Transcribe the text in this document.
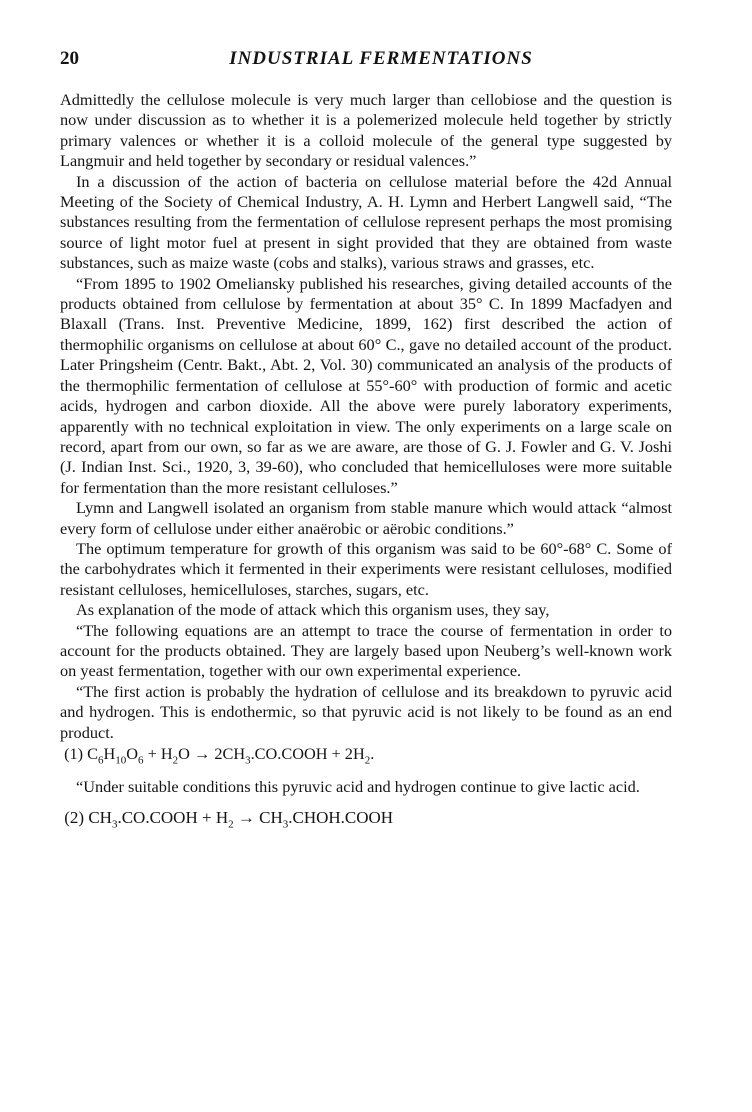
20	INDUSTRIAL FERMENTATIONS

Admittedly the cellulose molecule is very much larger than cellobiose and the question is now under discussion as to whether it is a polemerized molecule held together by strictly primary valences or whether it is a colloid molecule of the general type suggested by Langmuir and held together by secondary or residual valences.”

In a discussion of the action of bacteria on cellulose material before the 42d Annual Meeting of the Society of Chemical Industry, A. H. Lymn and Herbert Langwell said, “The substances resulting from the fermentation of cellulose represent perhaps the most promising source of light motor fuel at present in sight provided that they are obtained from waste substances, such as maize waste (cobs and stalks), various straws and grasses, etc.

“From 1895 to 1902 Omeliansky published his researches, giving detailed accounts of the products obtained from cellulose by fermentation at about 35° C. In 1899 Macfadyen and Blaxall (Trans. Inst. Preventive Medicine, 1899, 162) first described the action of thermophilic organisms on cellulose at about 60° C., gave no detailed account of the product. Later Pringsheim (Centr. Bakt., Abt. 2, Vol. 30) communicated an analysis of the products of the thermophilic fermentation of cellulose at 55°-60° with production of formic and acetic acids, hydrogen and carbon dioxide. All the above were purely laboratory experiments, apparently with no technical exploitation in view. The only experiments on a large scale on record, apart from our own, so far as we are aware, are those of G. J. Fowler and G. V. Joshi (J. Indian Inst. Sci., 1920, 3, 39-60), who concluded that hemicelluloses were more suitable for fermentation than the more resistant celluloses.”

Lymn and Langwell isolated an organism from stable manure which would attack “almost every form of cellulose under either anaërobic or aërobic conditions.”

The optimum temperature for growth of this organism was said to be 60°-68° C. Some of the carbohydrates which it fermented in their experiments were resistant celluloses, modified resistant celluloses, hemicelluloses, starches, sugars, etc.

As explanation of the mode of attack which this organism uses, they say,

“The following equations are an attempt to trace the course of fermentation in order to account for the products obtained. They are largely based upon Neuberg’s well-known work on yeast fermentation, together with our own experimental experience.

“The first action is probably the hydration of cellulose and its breakdown to pyruvic acid and hydrogen. This is endothermic, so that pyruvic acid is not likely to be found as an end product.

(1) $C_6H_{10}O_6 + H_2O$ → $2CH_3.CO.COOH + 2H_2$.

“Under suitable conditions this pyruvic acid and hydrogen continue to give lactic acid.

(2) $CH_3.CO.COOH + H_2$ → $CH_3.CHOH.COOH$
